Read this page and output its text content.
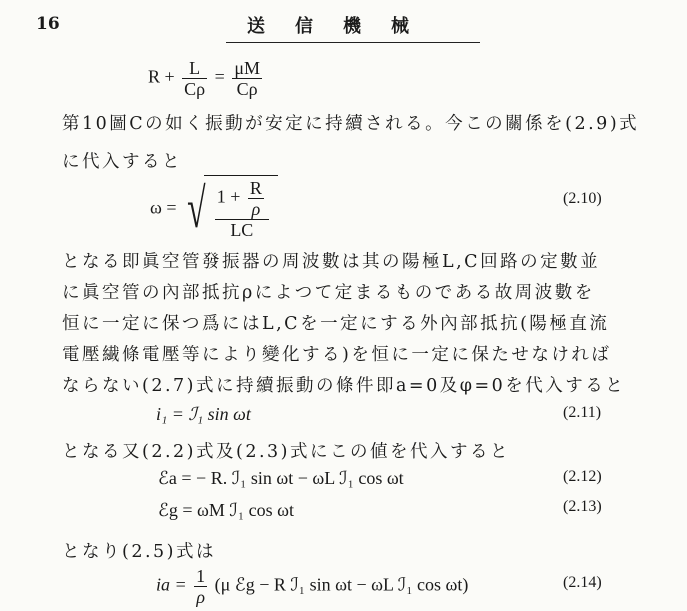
16	送信機械
$R + \frac{L}{C\rho} = \frac{\mu M}{C\rho}$
第10圖Cの如く振動が安定に持續される。今この關係を(2.9)式
に代入すると
ω = √ $\frac{1 + \frac{R}{\rho}}{LC}$	(2.10)
となる即眞空管發振器の周波數は其の陽極L,C回路の定數並
に眞空管の內部抵抗ρによつて定まるものである故周波數を
恒に一定に保つ爲にはL,Cを一定にする外內部抵抗(陽極直流
電壓繊條電壓等により變化する)を恒に一定に保たせなければ
ならない(2.7)式に持續振動の條件即a=0及φ=0を代入すると
i₁ = ℐ₁ sin ωt	(2.11)
となる又(2.2)式及(2.3)式にこの値を代入すると
ℰa = − R. ℐ₁ sin ωt − ωL ℐ₁ cos ωt	(2.12)
ℰg = ωM ℐ₁ cos ωt	(2.13)
となり(2.5)式は
ia = $\frac{1}{\rho} (\mu$ ℰg − R ℐ₁ sin ωt − ωL ℐ₁ cos ωt)	(2.14)
